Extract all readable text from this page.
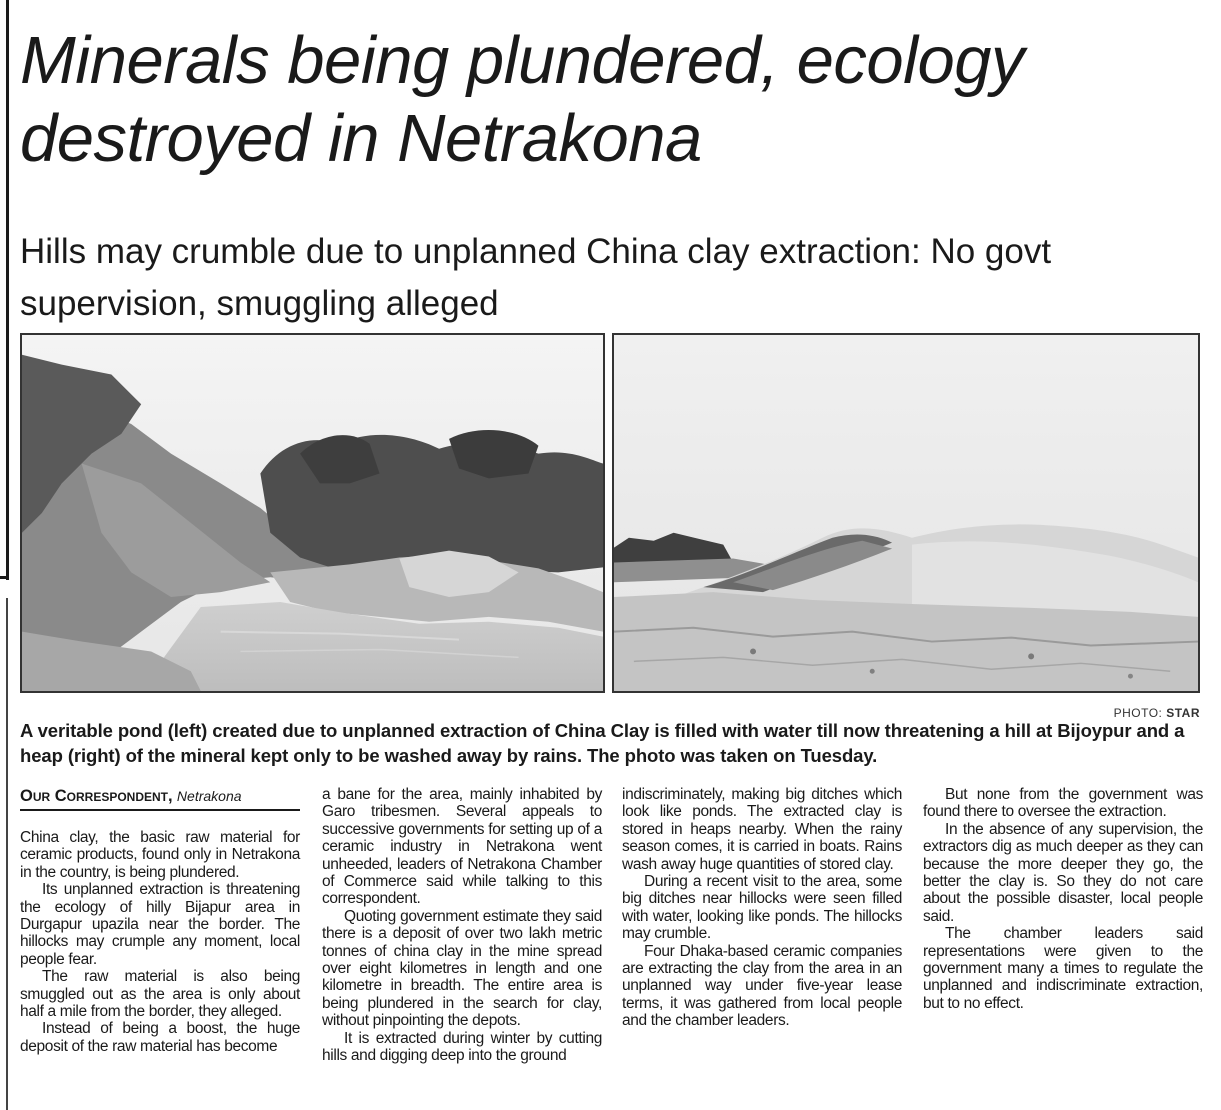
Minerals being plundered, ecology destroyed in Netrakona
Hills may crumble due to unplanned China clay extraction: No govt supervision, smuggling alleged
PHOTO: STAR

A veritable pond (left) created due to unplanned extraction of China Clay is filled with water till now threatening a hill at Bijoypur and a heap (right) of the mineral kept only to be washed away by rains. The photo was taken on Tuesday.

Our Correspondent, Netrakona

China clay, the basic raw material for ceramic products, found only in Netrakona in the country, is being plundered.

Its unplanned extraction is threatening the ecology of hilly Bijapur area in Durgapur upazila near the border. The hillocks may crumple any moment, local people fear.

The raw material is also being smuggled out as the area is only about half a mile from the border, they alleged.

Instead of being a boost, the huge deposit of the raw material has become

a bane for the area, mainly inhabited by Garo tribesmen. Several appeals to successive governments for setting up of a ceramic industry in Netrakona went unheeded, leaders of Netrakona Chamber of Commerce said while talking to this correspondent.

Quoting government estimate they said there is a deposit of over two lakh metric tonnes of china clay in the mine spread over eight kilometres in length and one kilometre in breadth. The entire area is being plundered in the search for clay, without pinpointing the depots.

It is extracted during winter by cutting hills and digging deep into the ground

indiscriminately, making big ditches which look like ponds. The extracted clay is stored in heaps nearby. When the rainy season comes, it is carried in boats. Rains wash away huge quantities of stored clay.

During a recent visit to the area, some big ditches near hillocks were seen filled with water, looking like ponds. The hillocks may crumble.

Four Dhaka-based ceramic companies are extracting the clay from the area in an unplanned way under five-year lease terms, it was gathered from local people and the chamber leaders.

But none from the government was found there to oversee the extraction.

In the absence of any supervision, the extractors dig as much deeper as they can because the more deeper they go, the better the clay is. So they do not care about the possible disaster, local people said.

The chamber leaders said representations were given to the government many a times to regulate the unplanned and indiscriminate extraction, but to no effect.
